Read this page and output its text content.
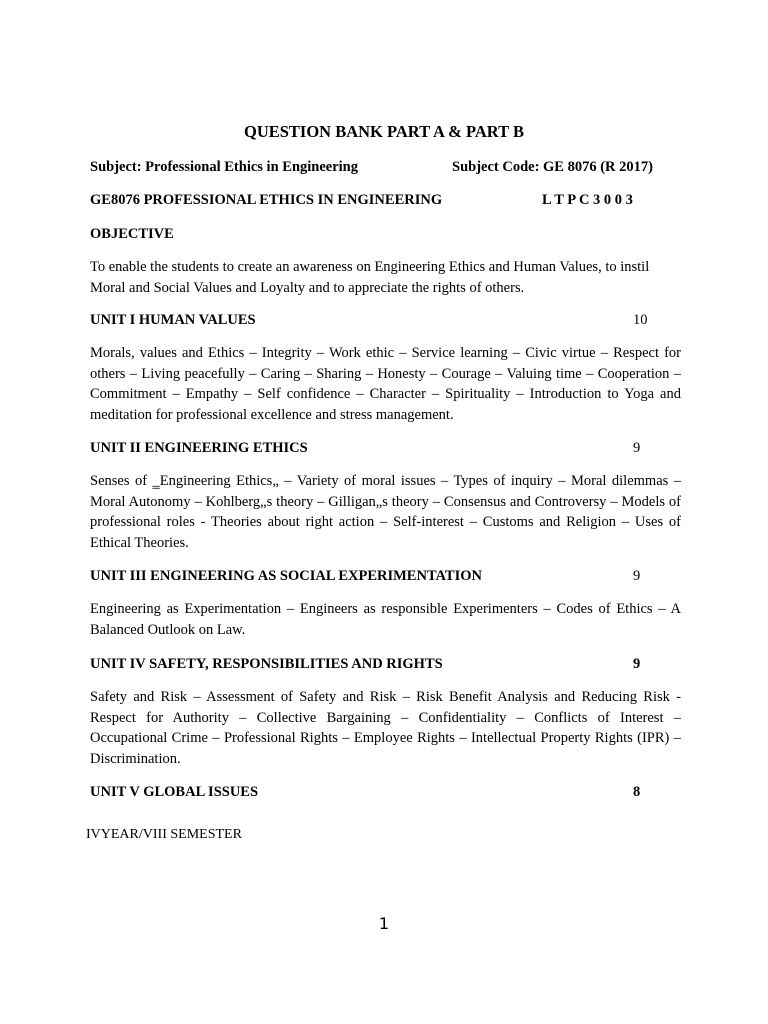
QUESTION BANK PART A & PART B
Subject: Professional Ethics in Engineering	Subject Code: GE 8076 (R 2017)
GE8076 PROFESSIONAL ETHICS IN ENGINEERING	L T P C 3 0 0 3
OBJECTIVE

To enable the students to create an awareness on Engineering Ethics and Human Values, to instil Moral and Social Values and Loyalty and to appreciate the rights of others.

UNIT I HUMAN VALUES	10

Morals, values and Ethics – Integrity – Work ethic – Service learning – Civic virtue – Respect for others – Living peacefully – Caring – Sharing – Honesty – Courage – Valuing time – Cooperation – Commitment – Empathy – Self confidence – Character – Spirituality – Introduction to Yoga and meditation for professional excellence and stress management.

UNIT II ENGINEERING ETHICS	9

Senses of ‗Engineering Ethics„ – Variety of moral issues – Types of inquiry – Moral dilemmas – Moral Autonomy – Kohlberg„s theory – Gilligan„s theory – Consensus and Controversy – Models of professional roles - Theories about right action – Self-interest – Customs and Religion – Uses of Ethical Theories.

UNIT III ENGINEERING AS SOCIAL EXPERIMENTATION	9

Engineering as Experimentation – Engineers as responsible Experimenters – Codes of Ethics – A Balanced Outlook on Law.

UNIT IV SAFETY, RESPONSIBILITIES AND RIGHTS	9

Safety and Risk – Assessment of Safety and Risk – Risk Benefit Analysis and Reducing Risk - Respect for Authority – Collective Bargaining – Confidentiality – Conflicts of Interest – Occupational Crime – Professional Rights – Employee Rights – Intellectual Property Rights (IPR) – Discrimination.

UNIT V GLOBAL ISSUES	8

IVYEAR/VIII SEMESTER

1
